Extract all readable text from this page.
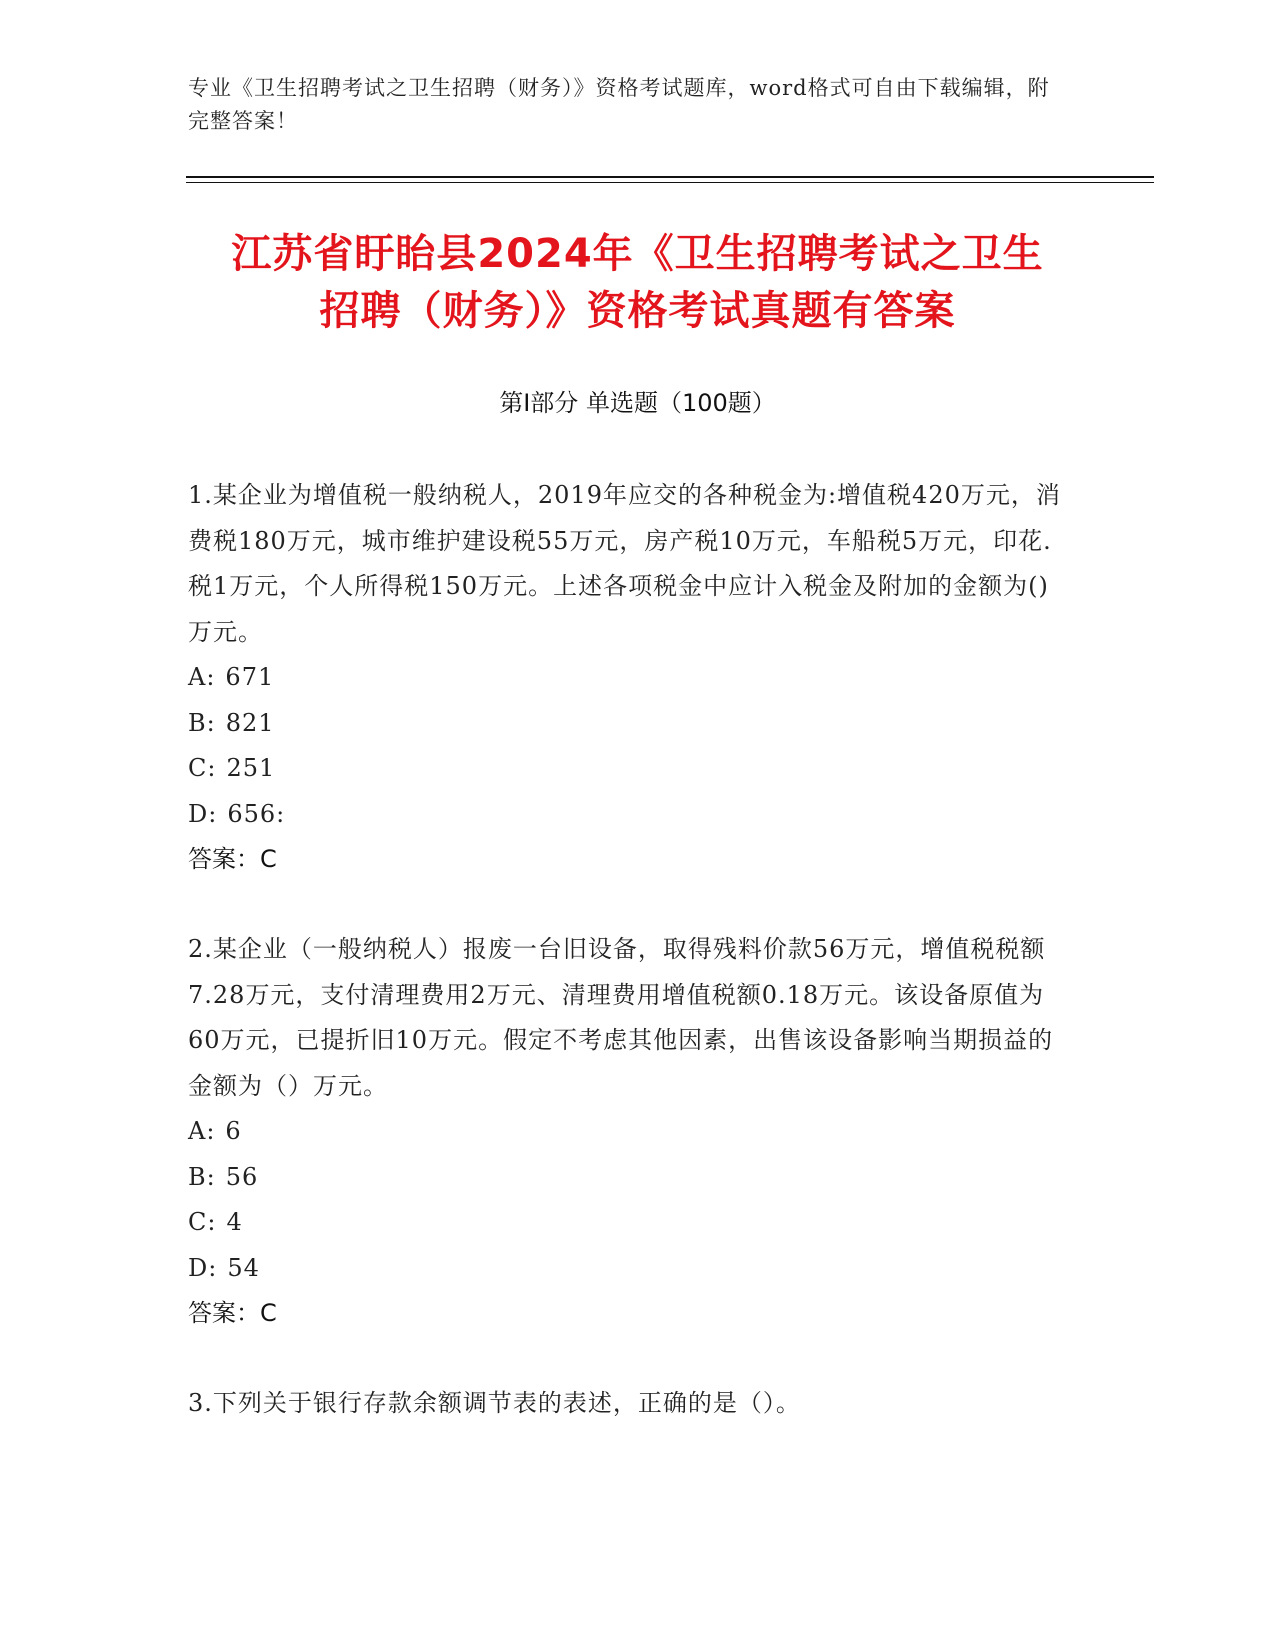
专业《卫生招聘考试之卫生招聘（财务）》资格考试题库，word格式可自由下载编辑，附完整答案！
江苏省盱眙县2024年《卫生招聘考试之卫生
招聘（财务）》资格考试真题有答案
第Ⅰ部分 单选题（100题）

1.某企业为增值税一般纳税人，2019年应交的各种税金为:增值税420万元，消费税180万元，城市维护建设税55万元，房产税10万元，车船税5万元，印花.税1万元，个人所得税150万元。上述各项税金中应计入税金及附加的金额为()万元。

A: 671

B: 821

C: 251

D: 656:

答案：C

2.某企业（一般纳税人）报废一台旧设备，取得残料价款56万元，增值税税额7.28万元，支付清理费用2万元、清理费用增值税额0.18万元。该设备原值为60万元，已提折旧10万元。假定不考虑其他因素，出售该设备影响当期损益的金额为（）万元。

A: 6

B: 56

C: 4

D: 54

答案：C

3.下列关于银行存款余额调节表的表述，正确的是（）。
